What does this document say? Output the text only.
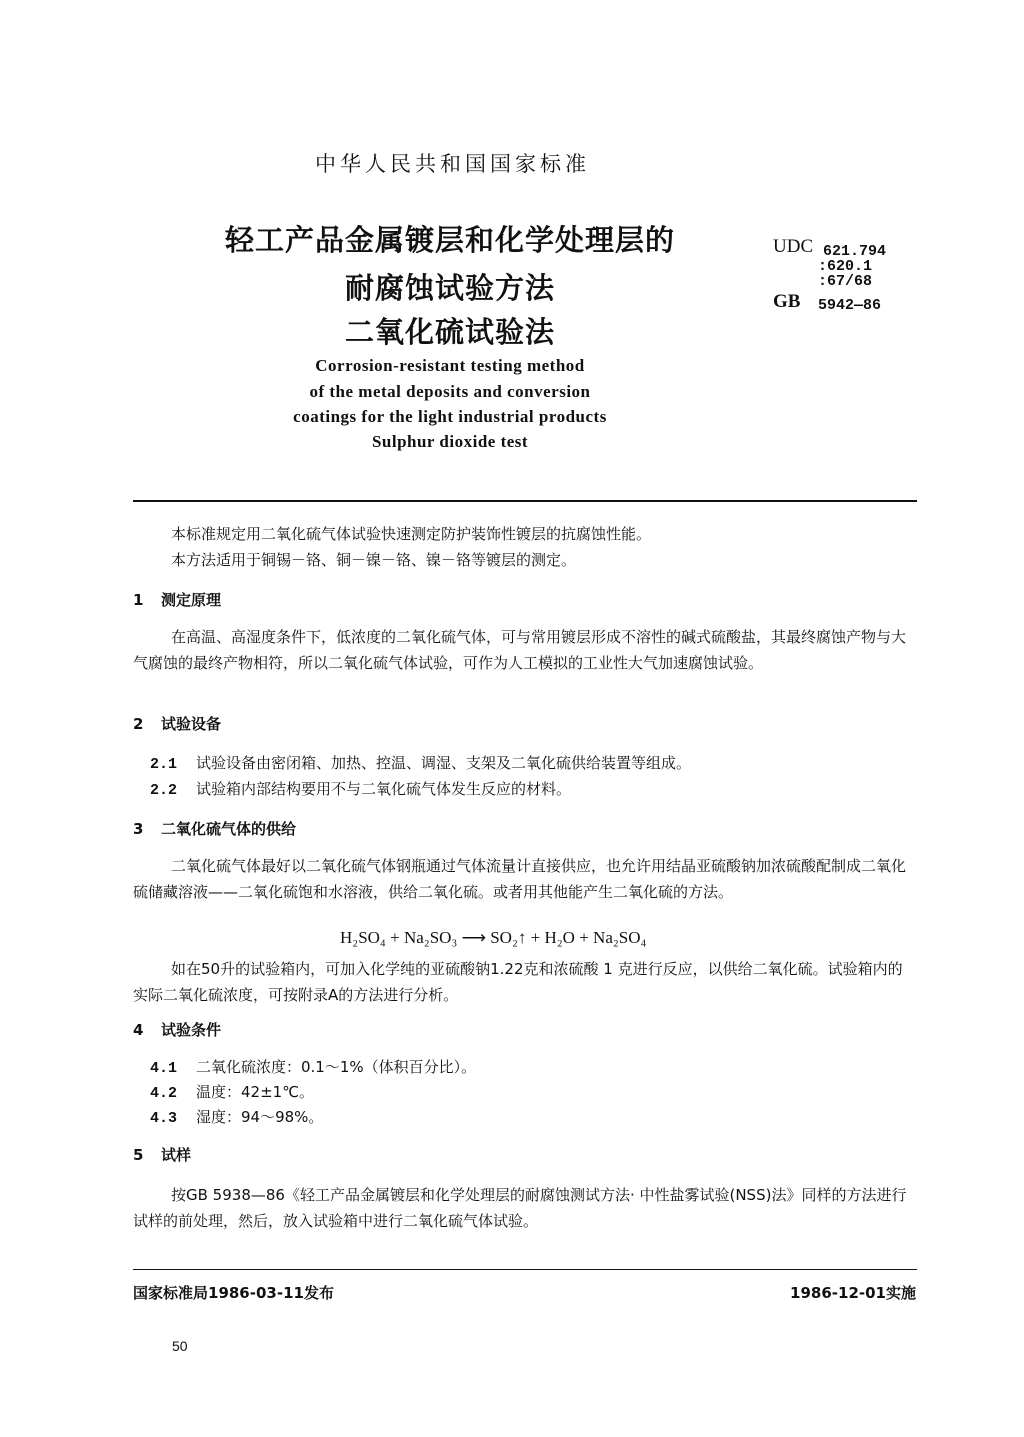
中华人民共和国国家标准
轻工产品金属镀层和化学处理层的
耐腐蚀试验方法
二氧化硫试验法
UDC 621.794
:620.1
:67/68
GB 5942—86
Corrosion-resistant testing method
of the metal deposits and conversion
coatings for the light industrial products
Sulphur dioxide test
本标准规定用二氧化硫气体试验快速测定防护装饰性镀层的抗腐蚀性能。
本方法适用于铜锡－铬、铜－镍－铬、镍－铬等镀层的测定。
1 测定原理
在高温、高湿度条件下，低浓度的二氧化硫气体，可与常用镀层形成不溶性的碱式硫酸盐，其最终腐蚀产物与大气腐蚀的最终产物相符，所以二氧化硫气体试验，可作为人工模拟的工业性大气加速腐蚀试验。
2 试验设备
2.1 试验设备由密闭箱、加热、控温、调湿、支架及二氧化硫供给装置等组成。
2.2 试验箱内部结构要用不与二氧化硫气体发生反应的材料。
3 二氧化硫气体的供给
二氧化硫气体最好以二氧化硫气体钢瓶通过气体流量计直接供应，也允许用结晶亚硫酸钠加浓硫酸配制成二氧化硫储藏溶液——二氧化硫饱和水溶液，供给二氧化硫。或者用其他能产生二氧化硫的方法。
H₂SO₄ + Na₂SO₃ ⟶ SO₂↑ + H₂O + Na₂SO₄
如在50升的试验箱内，可加入化学纯的亚硫酸钠1.22克和浓硫酸 1 克进行反应，以供给二氧化硫。试验箱内的实际二氧化硫浓度，可按附录A的方法进行分析。
4 试验条件
4.1 二氧化硫浓度：0.1～1%（体积百分比）。
4.2 温度：42±1℃。
4.3 湿度：94～98%。
5 试样
按GB 5938—86《轻工产品金属镀层和化学处理层的耐腐蚀测试方法· 中性盐雾试验(NSS)法》同样的方法进行试样的前处理，然后，放入试验箱中进行二氧化硫气体试验。
国家标准局1986-03-11发布	1986-12-01实施
50
